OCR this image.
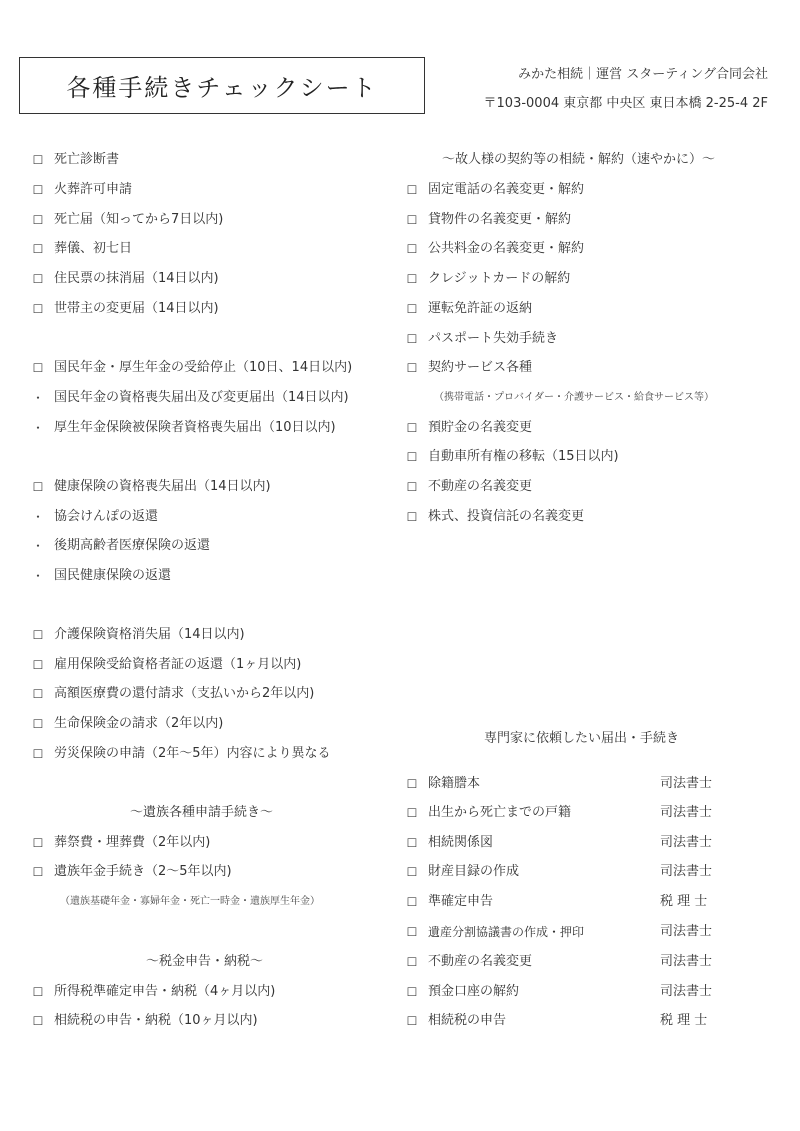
各種手続きチェックシート	みかた相続｜運営 スターティング合同会社
〒103-0004 東京都 中央区 東日本橋 2-25-4 2F
☐ 死亡診断書
☐ 火葬許可申請
☐ 死亡届（知ってから7日以内)
☐ 葬儀、初七日
☐ 住民票の抹消届（14日以内)
☐ 世帯主の変更届（14日以内)
☐ 国民年金・厚生年金の受給停止（10日、14日以内)
・ 国民年金の資格喪失届出及び変更届出（14日以内)
・ 厚生年金保険被保険者資格喪失届出（10日以内)
☐ 健康保険の資格喪失届出（14日以内)
・ 協会けんぽの返還
・ 後期高齢者医療保険の返還
・ 国民健康保険の返還
☐ 介護保険資格消失届（14日以内)
☐ 雇用保険受給資格者証の返還（1ヶ月以内)
☐ 高額医療費の還付請求（支払いから2年以内)
☐ 生命保険金の請求（2年以内)
☐ 労災保険の申請（2年〜5年）内容により異なる
〜遺族各種申請手続き〜
☐ 葬祭費・埋葬費（2年以内)
☐ 遺族年金手続き（2〜5年以内)
（遺族基礎年金・寡婦年金・死亡一時金・遺族厚生年金）
〜税金申告・納税〜
☐ 所得税準確定申告・納税（4ヶ月以内)
☐ 相続税の申告・納税（10ヶ月以内)
〜故人様の契約等の相続・解約（速やかに）〜
☐ 固定電話の名義変更・解約
☐ 貸物件の名義変更・解約
☐ 公共料金の名義変更・解約
☐ クレジットカードの解約
☐ 運転免許証の返納
☐ パスポート失効手続き
☐ 契約サービス各種
（携帯電話・プロバイダー・介護サービス・給食サービス等）
☐ 預貯金の名義変更
☐ 自動車所有権の移転（15日以内)
☐ 不動産の名義変更
☐ 株式、投資信託の名義変更
専門家に依頼したい届出・手続き
☐ 除籍謄本	司法書士
☐ 出生から死亡までの戸籍	司法書士
☐ 相続関係図	司法書士
☐ 財産目録の作成	司法書士
☐ 準確定申告	税 理 士
☐ 遺産分割協議書の作成・押印	司法書士
☐ 不動産の名義変更	司法書士
☐ 預金口座の解約	司法書士
☐ 相続税の申告	税 理 士
